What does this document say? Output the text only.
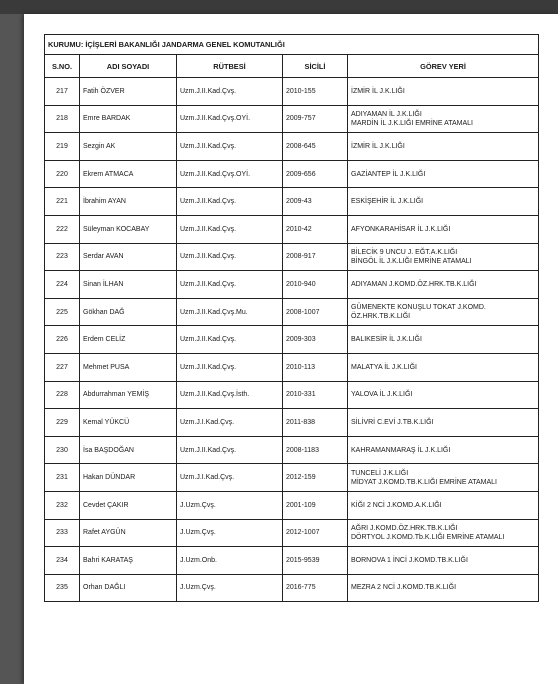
KURUMU: İÇİŞLERİ BAKANLIĞI JANDARMA GENEL KOMUTANLIĞI				
S.NO.	ADI SOYADI	RÜTBESİ	SİCİLİ	GÖREV YERİ
217	Fatih ÖZVER	Uzm.J.II.Kad.Çvş.	2010-155	İZMİR İL J.K.LIĞI

218	Emre BARDAK	Uzm.J.II.Kad.Çvş.OYİ.	2009-757	ADIYAMAN İL J.K.LIĞI
MARDİN İL J.K.LIĞI EMRİNE ATAMALI

219	Sezgin AK	Uzm.J.II.Kad.Çvş.	2008-645	İZMİR İL J.K.LIĞI

220	Ekrem ATMACA	Uzm.J.II.Kad.Çvş.OYİ.	2009-656	GAZİANTEP İL J.K.LIĞI

221	İbrahim AYAN	Uzm.J.II.Kad.Çvş.	2009-43	ESKİŞEHİR İL J.K.LIĞI

222	Süleyman KOCABAY	Uzm.J.II.Kad.Çvş.	2010-42	AFYONKARAHİSAR İL J.K.LIĞI

223	Serdar AVAN	Uzm.J.II.Kad.Çvş.	2008-917	BİLECİK 9 UNCU J. EĞT.A.K.LIĞI
BİNGÖL İL J.K.LIĞI EMRİNE ATAMALI

224	Sinan İLHAN	Uzm.J.II.Kad.Çvş.	2010-940	ADIYAMAN J.KOMD.ÖZ.HRK.TB.K.LIĞI

225	Gökhan DAĞ	Uzm.J.II.Kad.Çvş.Mu.	2008-1007	GÜMENEKTE KONUŞLU TOKAT J.KOMD.
ÖZ.HRK.TB.K.LIĞI

226	Erdem CELİZ	Uzm.J.II.Kad.Çvş.	2009-303	BALIKESİR İL J.K.LIĞI

227	Mehmet PUSA	Uzm.J.II.Kad.Çvş.	2010-113	MALATYA İL J.K.LIĞI

228	Abdurrahman YEMİŞ	Uzm.J.II.Kad.Çvş.İsth.	2010-331	YALOVA İL J.K.LIĞI

229	Kemal YÜKCÜ	Uzm.J.I.Kad.Çvş.	2011-838	SİLİVRİ C.EVİ J.TB.K.LIĞI

230	İsa BAŞDOĞAN	Uzm.J.II.Kad.Çvş.	2008-1183	KAHRAMANMARAŞ İL J.K.LIĞI

231	Hakan DÜNDAR	Uzm.J.I.Kad.Çvş.	2012-159	TUNCELİ J.K.LIĞI
MİDYAT J.KOMD.TB.K.LIĞI EMRİNE ATAMALI

232	Cevdet ÇAKIR	J.Uzm.Çvş.	2001-109	KİĞI 2 NCİ J.KOMD.A.K.LIĞI

233	Rafet AYGÜN	J.Uzm.Çvş.	2012-1007	AĞRI J.KOMD.ÖZ.HRK.TB.K.LIĞI
DÖRTYOL J.KOMD.Tb.K.LIĞI EMRİNE ATAMALI

234	Bahri KARATAŞ	J.Uzm.Onb.	2015-9539	BORNOVA 1 İNCİ J.KOMD.TB.K.LIĞI

235	Orhan DAĞLI	J.Uzm.Çvş.	2016-775	MEZRA 2 NCİ J.KOMD.TB.K.LIĞI
